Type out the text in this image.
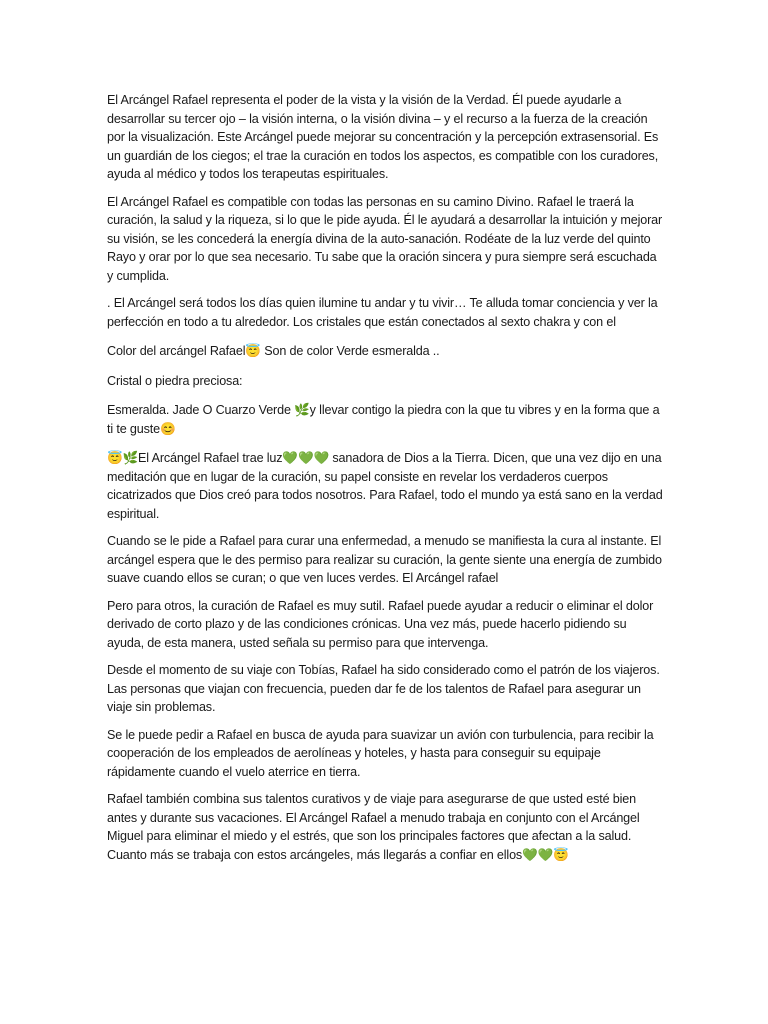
El Arcángel Rafael representa el poder de la vista y la visión de la Verdad. Él puede ayudarle a desarrollar su tercer ojo – la visión interna, o la visión divina – y el recurso a la fuerza de la creación por la visualización. Este Arcángel puede mejorar su concentración y la percepción extrasensorial. Es un guardián de los ciegos; el trae la curación en todos los aspectos, es compatible con los curadores, ayuda al médico y todos los terapeutas espirituales.

El Arcángel Rafael es compatible con todas las personas en su camino Divino. Rafael le traerá la curación, la salud y la riqueza, si lo que le pide ayuda. Él le ayudará a desarrollar la intuición y mejorar su visión, se les concederá la energía divina de la auto-sanación. Rodéate de la luz verde del quinto Rayo y orar por lo que sea necesario. Tu sabe que la oración sincera y pura siempre será escuchada y cumplida.

. El Arcángel será todos los días quien ilumine tu andar y tu vivir… Te alluda tomar conciencia y ver la perfección en todo a tu alrededor. Los cristales que están conectados al sexto chakra y con el

Color del arcángel Rafael😇 Son de color Verde esmeralda ..

Cristal o piedra preciosa:

Esmeralda. Jade O Cuarzo Verde 🌿y llevar contigo la piedra con la que tu vibres y en la forma que a ti te guste😊

😇🌿El Arcángel Rafael trae luz💚💚💚 sanadora de Dios a la Tierra. Dicen, que una vez dijo en una meditación que en lugar de la curación, su papel consiste en revelar los verdaderos cuerpos cicatrizados que Dios creó para todos nosotros. Para Rafael, todo el mundo ya está sano en la verdad espiritual.

Cuando se le pide a Rafael para curar una enfermedad, a menudo se manifiesta la cura al instante. El arcángel espera que le des permiso para realizar su curación, la gente siente una energía de zumbido suave cuando ellos se curan; o que ven luces verdes. El Arcángel rafael

Pero para otros, la curación de Rafael es muy sutil. Rafael puede ayudar a reducir o eliminar el dolor derivado de corto plazo y de las condiciones crónicas. Una vez más, puede hacerlo pidiendo su ayuda, de esta manera, usted señala su permiso para que intervenga.

Desde el momento de su viaje con Tobías, Rafael ha sido considerado como el patrón de los viajeros. Las personas que viajan con frecuencia, pueden dar fe de los talentos de Rafael para asegurar un viaje sin problemas.

Se le puede pedir a Rafael en busca de ayuda para suavizar un avión con turbulencia, para recibir la cooperación de los empleados de aerolíneas y hoteles, y hasta para conseguir su equipaje rápidamente cuando el vuelo aterrice en tierra.

Rafael también combina sus talentos curativos y de viaje para asegurarse de que usted esté bien antes y durante sus vacaciones. El Arcángel Rafael a menudo trabaja en conjunto con el Arcángel Miguel para eliminar el miedo y el estrés, que son los principales factores que afectan a la salud. Cuanto más se trabaja con estos arcángeles, más llegarás a confiar en ellos💚💚😇
